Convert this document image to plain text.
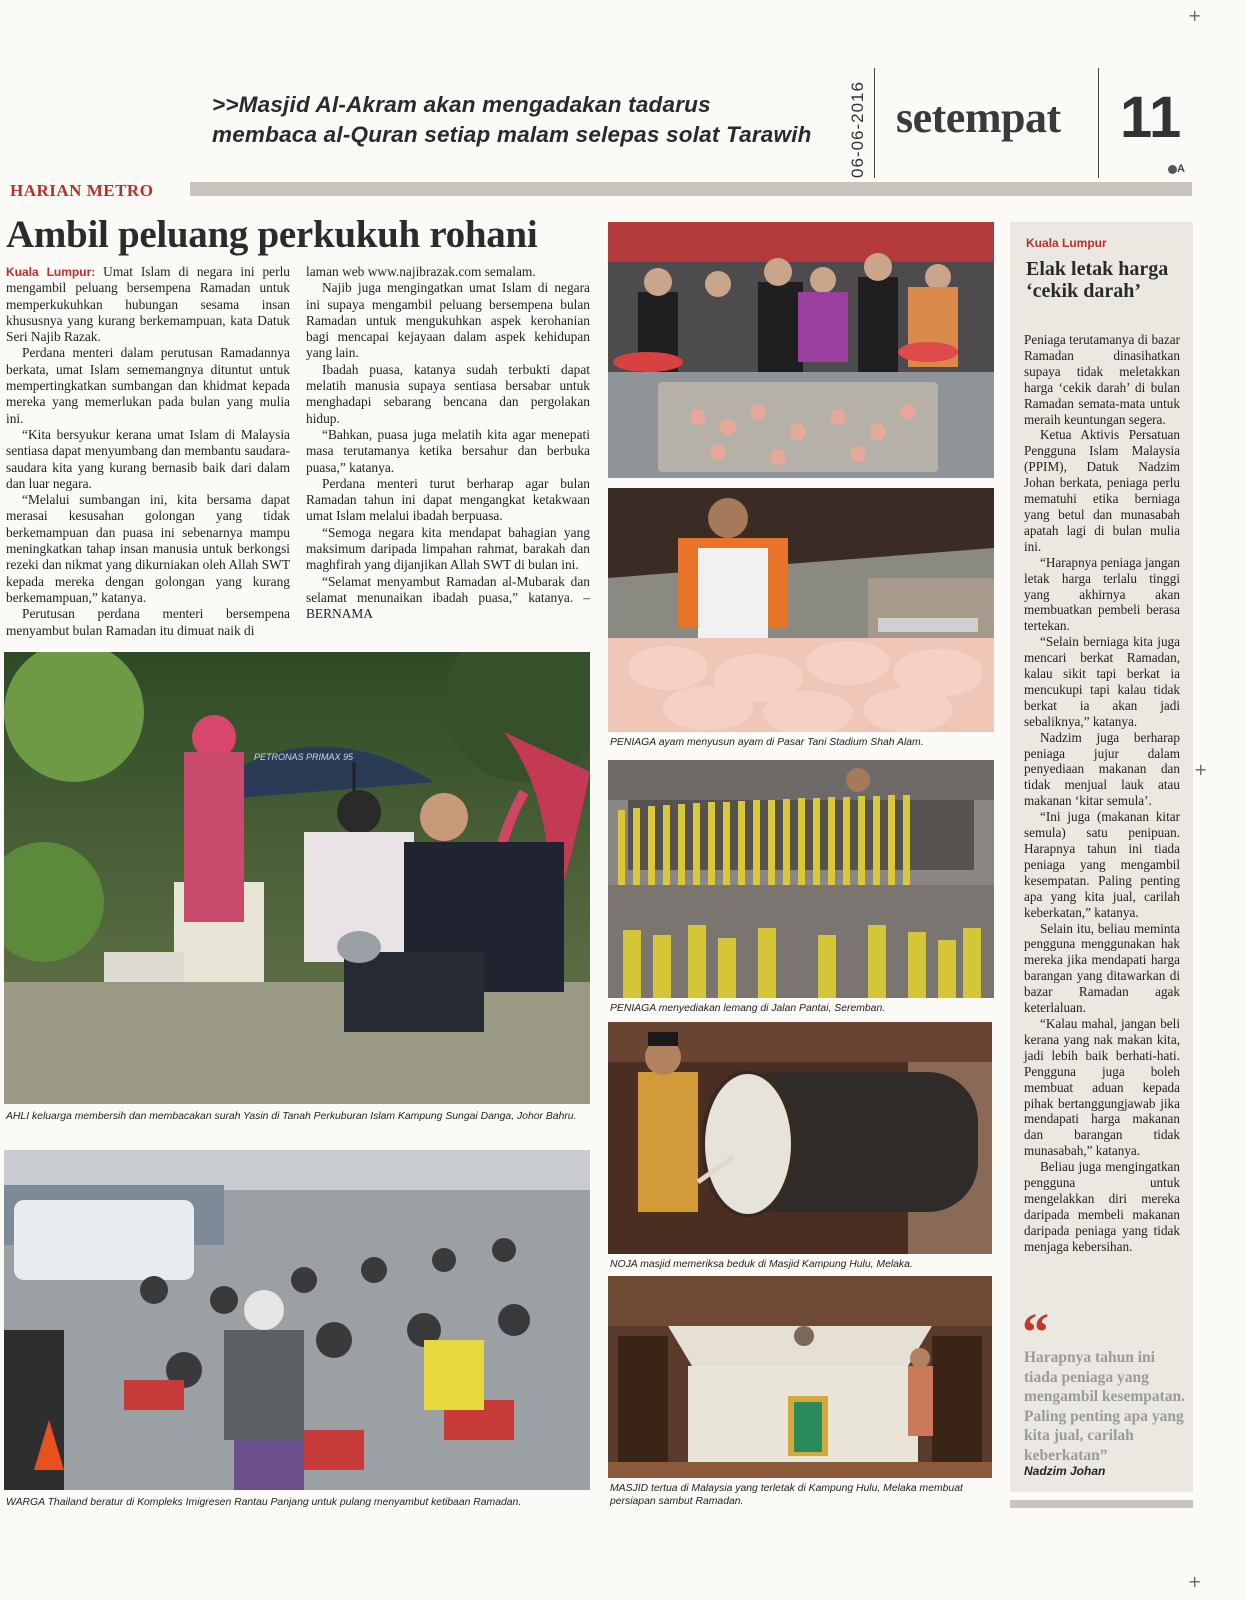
+
+
+
>>Masjid Al-Akram akan mengadakan tadarus
membaca al-Quran setiap malam selepas solat Tarawih	06-06-2016 setempat 11
A
HARIAN METRO
Ambil peluang perkukuh rohani

Kuala Lumpur: Umat Islam di negara ini perlu mengambil peluang bersempena Ramadan untuk memperkukuhkan hubungan sesama insan khususnya yang kurang berkemampuan, kata Datuk Seri Najib Razak.

Perdana menteri dalam perutusan Ramadannya berkata, umat Islam sememangnya dituntut untuk mempertingkatkan sumbangan dan khidmat kepada mereka yang memerlukan pada bulan yang mulia ini.

“Kita bersyukur kerana umat Islam di Malaysia sentiasa dapat menyumbang dan membantu saudara-saudara kita yang kurang bernasib baik dari dalam dan luar negara.

“Melalui sumbangan ini, kita bersama dapat merasai kesusahan golongan yang tidak berkemampuan dan puasa ini sebenarnya mampu meningkatkan tahap insan manusia untuk berkongsi rezeki dan nikmat yang dikurniakan oleh Allah SWT kepada mereka dengan golongan yang kurang berkemampuan,” katanya.

Perutusan perdana menteri bersempena menyambut bulan Ramadan itu dimuat naik di

laman web www.najibrazak.com semalam.

Najib juga mengingatkan umat Islam di negara ini supaya mengambil peluang bersempena bulan Ramadan untuk mengukuhkan aspek kerohanian bagi mencapai kejayaan dalam aspek kehidupan yang lain.

Ibadah puasa, katanya sudah terbukti dapat melatih manusia supaya sentiasa bersabar untuk menghadapi sebarang bencana dan pergolakan hidup.

“Bahkan, puasa juga melatih kita agar menepati masa terutamanya ketika bersahur dan berbuka puasa,” katanya.

Perdana menteri turut berharap agar bulan Ramadan tahun ini dapat mengangkat ketakwaan umat Islam melalui ibadah berpuasa.

“Semoga negara kita mendapat bahagian yang maksimum daripada limpahan rahmat, barakah dan maghfirah yang dijanjikan Allah SWT di bulan ini.

“Selamat menyambut Ramadan al-Mubarak dan selamat menunaikan ibadah puasa,” katanya. – BERNAMA

PETRONAS PRIMAX 95
AHLI keluarga membersih dan membacakan surah Yasin di Tanah Perkuburan Islam Kampung Sungai Danga, Johor Bahru.
WARGA Thailand beratur di Kompleks Imigresen Rantau Panjang untuk pulang menyambut ketibaan Ramadan.
PENIAGA ayam menyusun ayam di Pasar Tani Stadium Shah Alam.
PENIAGA menyediakan lemang di Jalan Pantai, Seremban.
NOJA masjid memeriksa beduk di Masjid Kampung Hulu, Melaka.
MASJID tertua di Malaysia yang terletak di Kampung Hulu, Melaka membuat persiapan sambut Ramadan.
Kuala Lumpur
Elak letak harga ‘cekik darah’

Peniaga terutamanya di bazar Ramadan dinasihatkan supaya tidak meletakkan harga ‘cekik darah’ di bulan Ramadan semata-mata untuk meraih keuntungan segera.

Ketua Aktivis Persatuan Pengguna Islam Malaysia (PPIM), Datuk Nadzim Johan berkata, peniaga perlu mematuhi etika berniaga yang betul dan munasabah apatah lagi di bulan mulia ini.

“Harapnya peniaga jangan letak harga terlalu tinggi yang akhirnya akan membuatkan pembeli berasa tertekan.

“Selain berniaga kita juga mencari berkat Ramadan, kalau sikit tapi berkat ia mencukupi tapi kalau tidak berkat ia akan jadi sebaliknya,” katanya.

Nadzim juga berharap peniaga jujur dalam penyediaan makanan dan tidak menjual lauk atau makanan ‘kitar semula’.

“Ini juga (makanan kitar semula) satu penipuan. Harapnya tahun ini tiada peniaga yang mengambil kesempatan. Paling penting apa yang kita jual, carilah keberkatan,” katanya.

Selain itu, beliau meminta pengguna menggunakan hak mereka jika mendapati harga barangan yang ditawarkan di bazar Ramadan agak keterlaluan.

“Kalau mahal, jangan beli kerana yang nak makan kita, jadi lebih baik berhati-hati. Pengguna juga boleh membuat aduan kepada pihak bertanggungjawab jika mendapati harga makanan dan barangan tidak munasabah,” katanya.

Beliau juga mengingatkan pengguna untuk mengelakkan diri mereka daripada membeli makanan daripada peniaga yang tidak menjaga kebersihan.

“
Harapnya tahun ini tiada peniaga yang mengambil kesempatan. Paling penting apa yang kita jual, carilah keberkatan”
Nadzim Johan
